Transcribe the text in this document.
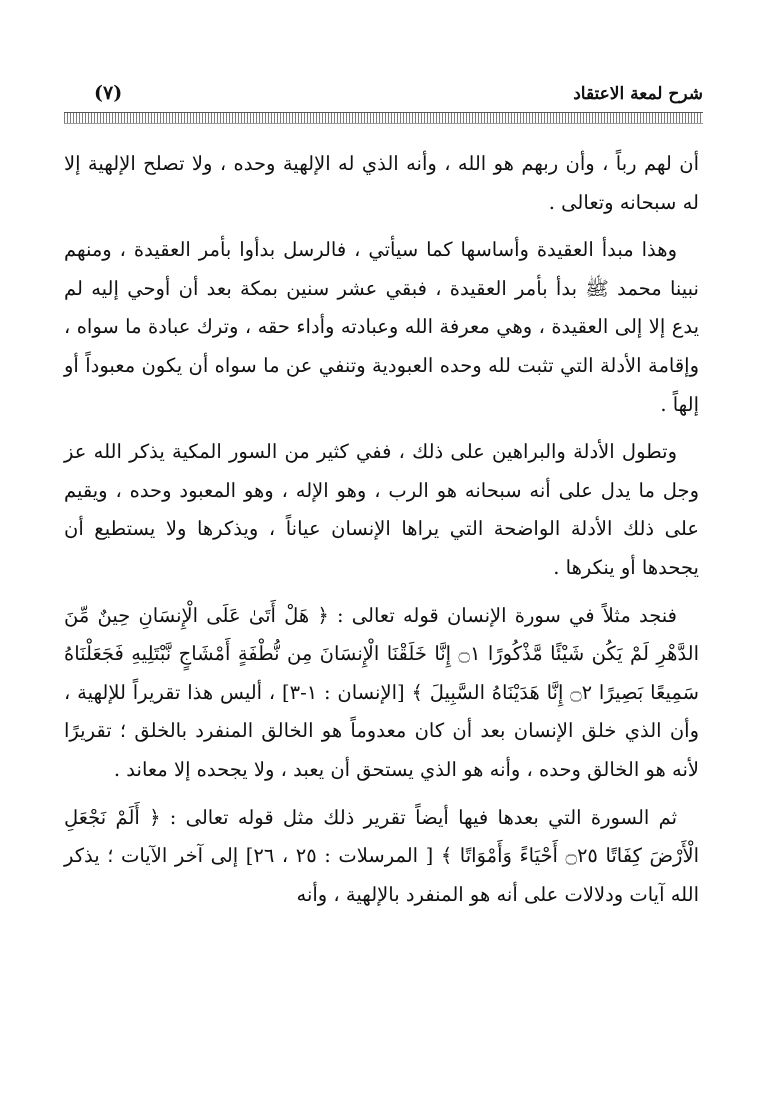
شرح لمعة الاعتقاد
(٧)

أن لهم رباً ، وأن ربهم هو الله ، وأنه الذي له الإلهية وحده ، ولا تصلح الإلهية إلا له سبحانه وتعالى .

وهذا مبدأ العقيدة وأساسها كما سيأتي ، فالرسل بدأوا بأمر العقيدة ، ومنهم نبينا محمد ﷺ بدأ بأمر العقيدة ، فبقي عشر سنين بمكة بعد أن أوحي إليه لم يدع إلا إلى العقيدة ، وهي معرفة الله وعبادته وأداء حقه ، وترك عبادة ما سواه ، وإقامة الأدلة التي تثبت لله وحده العبودية وتنفي عن ما سواه أن يكون معبوداً أو إلهاً .

وتطول الأدلة والبراهين على ذلك ، ففي كثير من السور المكية يذكر الله عز وجل ما يدل على أنه سبحانه هو الرب ، وهو الإله ، وهو المعبود وحده ، ويقيم على ذلك الأدلة الواضحة التي يراها الإنسان عياناً ، ويذكرها ولا يستطيع أن يجحدها أو ينكرها .

فنجد مثلاً في سورة الإنسان قوله تعالى : ﴿ هَلْ أَتَىٰ عَلَى الْإِنسَانِ حِينٌ مِّنَ الدَّهْرِ لَمْ يَكُن شَيْئًا مَّذْكُورًا ۝١ إِنَّا خَلَقْنَا الْإِنسَانَ مِن نُّطْفَةٍ أَمْشَاجٍ نَّبْتَلِيهِ فَجَعَلْنَاهُ سَمِيعًا بَصِيرًا ۝٢ إِنَّا هَدَيْنَاهُ السَّبِيلَ ﴾ [الإنسان : ١-٣] ، أليس هذا تقريراً للإلهية ، وأن الذي خلق الإنسان بعد أن كان معدوماً هو الخالق المنفرد بالخلق ؛ تقريرًا لأنه هو الخالق وحده ، وأنه هو الذي يستحق أن يعبد ، ولا يجحده إلا معاند .

ثم السورة التي بعدها فيها أيضاً تقرير ذلك مثل قوله تعالى : ﴿ أَلَمْ نَجْعَلِ الْأَرْضَ كِفَاتًا ۝٢٥ أَحْيَاءً وَأَمْوَاتًا ﴾ [ المرسلات : ٢٥ ، ٢٦] إلى آخر الآيات ؛ يذكر الله آيات ودلالات على أنه هو المنفرد بالإلهية ، وأنه
